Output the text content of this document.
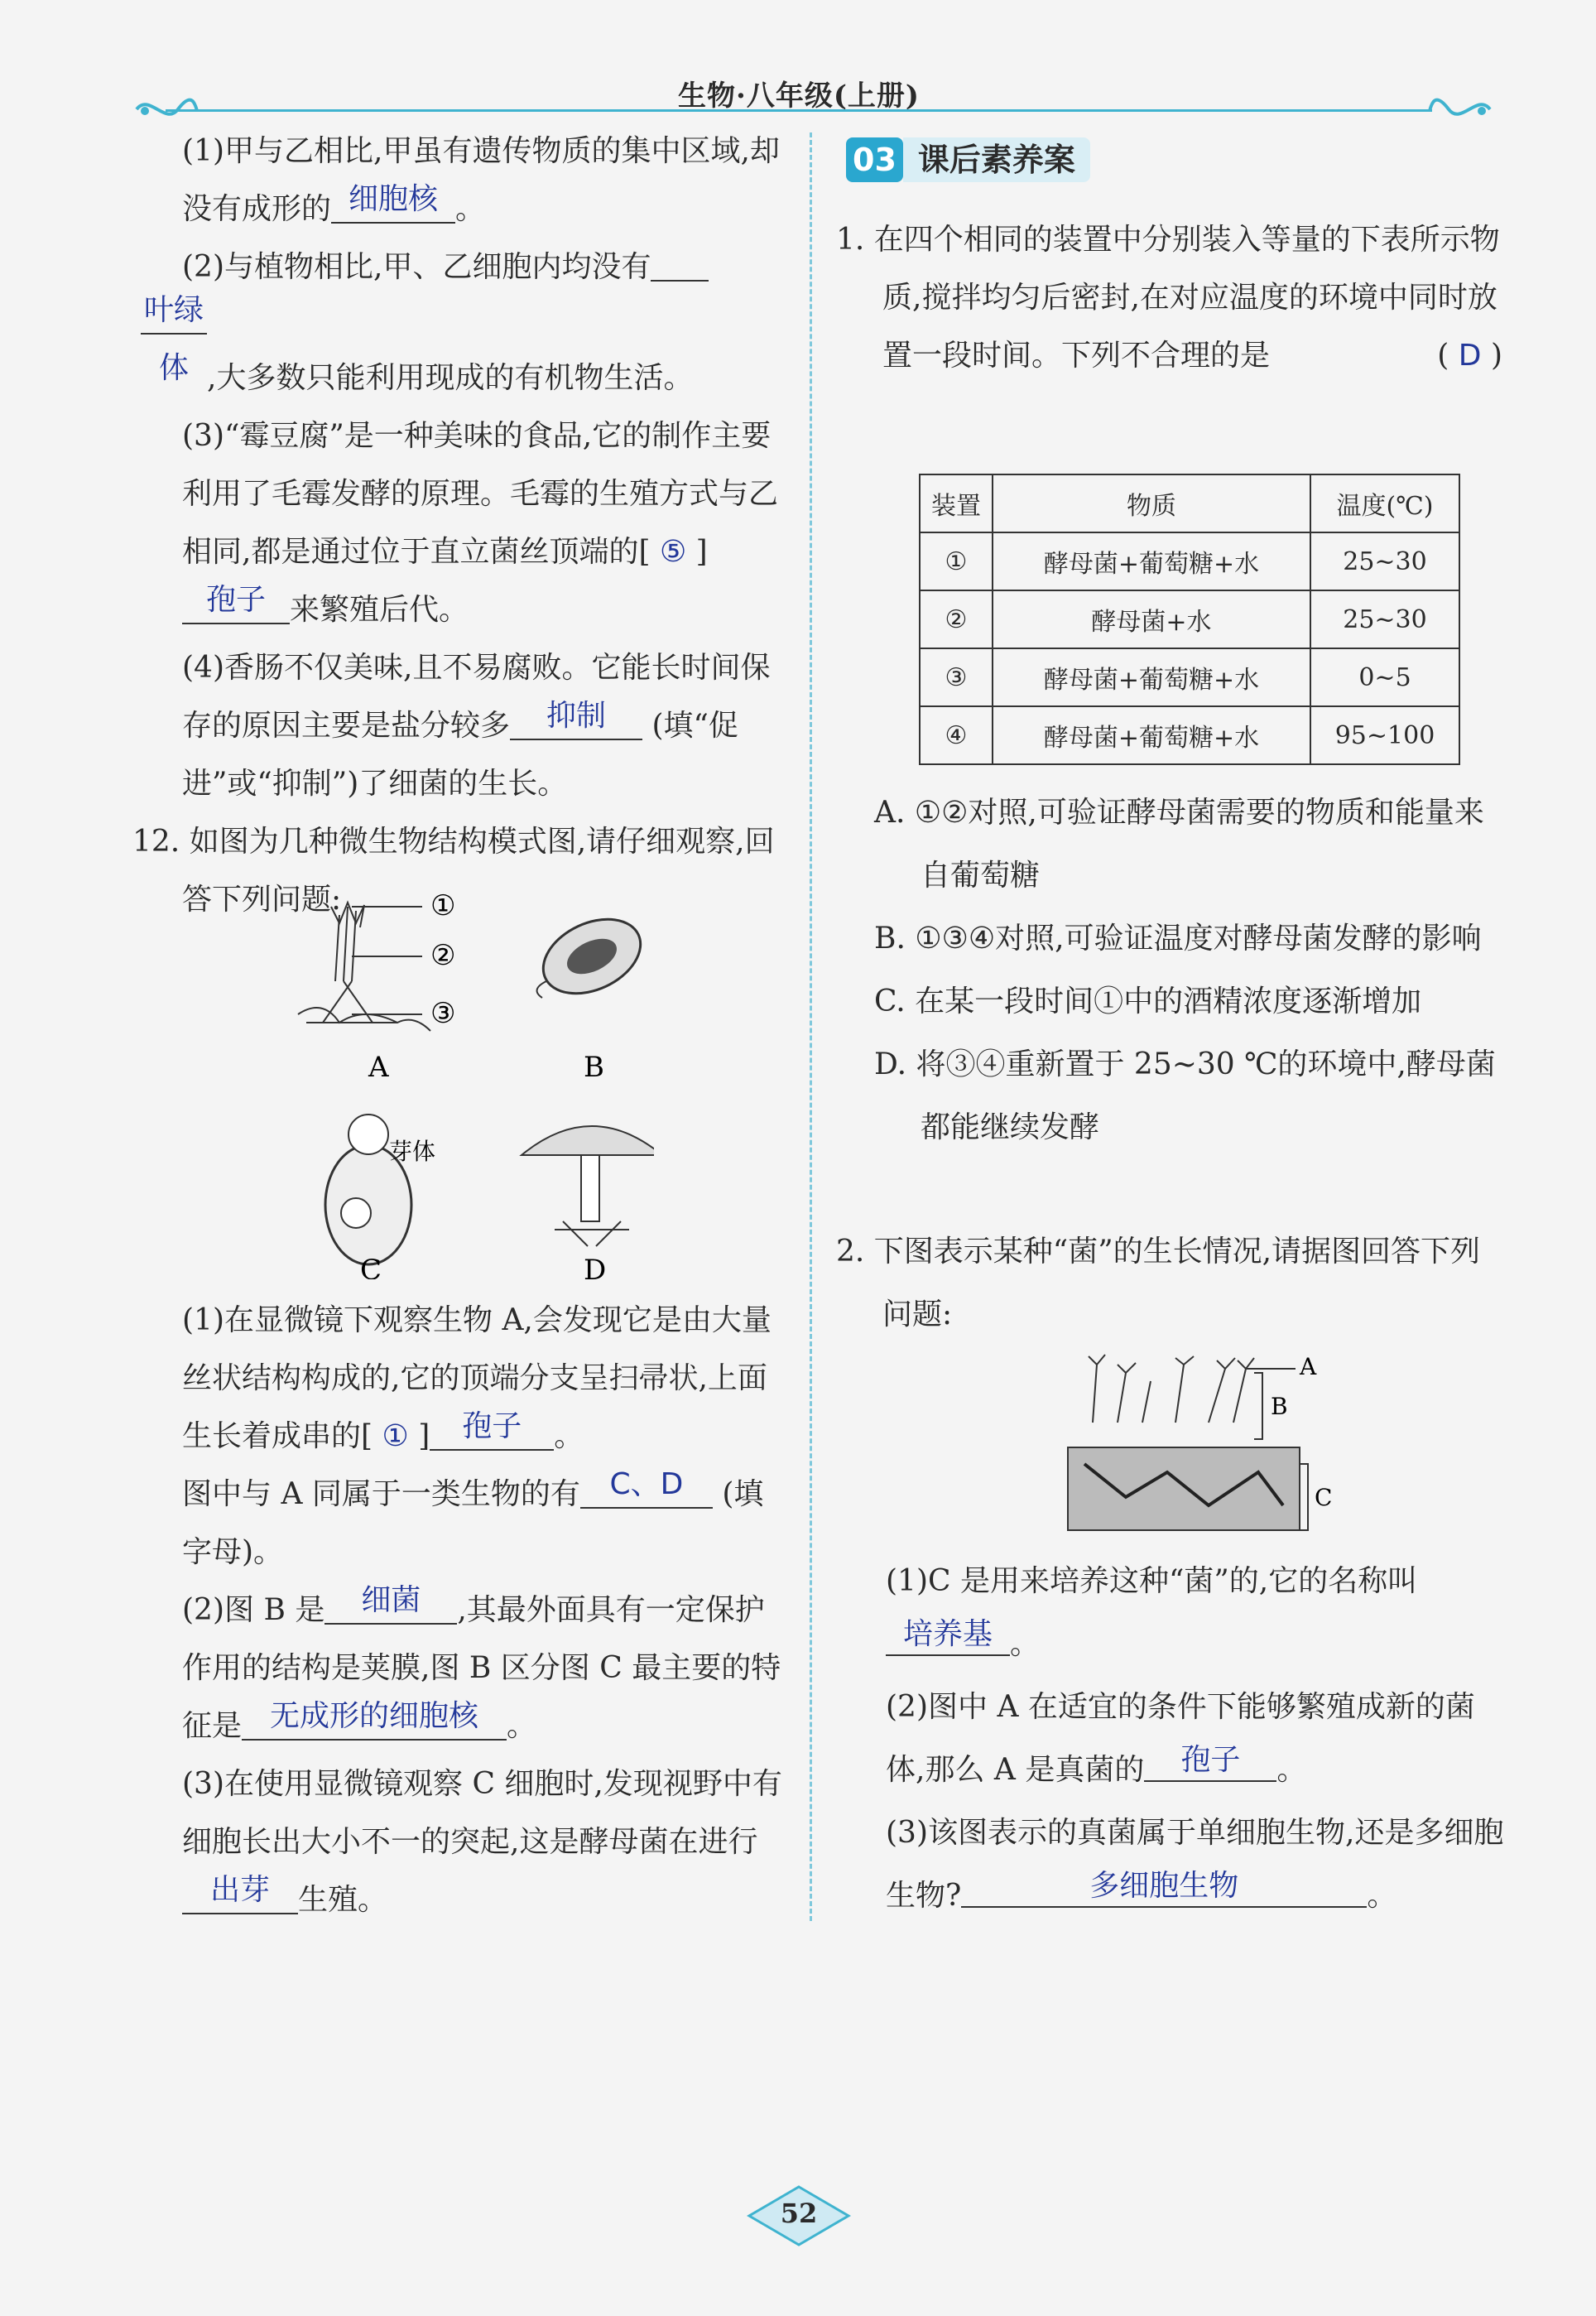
生物·八年级(上册)

(1)甲与乙相比,甲虽有遗传物质的集中区域,却没有成形的 细胞核 。

(2)与植物相比,甲、乙细胞内均没有

叶绿体 ,大多数只能利用现成的有机物生活。

(3)“霉豆腐”是一种美味的食品,它的制作主要利用了毛霉发酵的原理。毛霉的生殖方式与乙相同,都是通过位于直立菌丝顶端的[ ⑤ ]孢子 来繁殖后代。

(4)香肠不仅美味,且不易腐败。它能长时间保存的原因主要是盐分较多 抑制 (填“促进”或“抑制”)了细菌的生长。

12. 如图为几种微生物结构模式图,请仔细观察,回答下列问题:	①
②
③
A	B
芽体
C	D

(1)在显微镜下观察生物 A,会发现它是由大量丝状结构构成的,它的顶端分支呈扫帚状,上面生长着成串的[ ① ] 孢子 。

图中与 A 同属于一类生物的有 C、D (填字母)。

(2)图 B 是 细菌 ,其最外面具有一定保护作用的结构是荚膜,图 B 区分图 C 最主要的特征是 无成形的细胞核 。

(3)在使用显微镜观察 C 细胞时,发现视野中有细胞长出大小不一的突起,这是酵母菌在进行出芽 生殖。

03 课后素养案

1. 在四个相同的装置中分别装入等量的下表所示物质,搅拌均匀后密封,在对应温度的环境中同时放置一段时间。下列不合理的是	( D )

装置	物质	温度(℃)
①	酵母菌+葡萄糖+水	25~30
②	酵母菌+水	25~30
③	酵母菌+葡萄糖+水	0~5
④	酵母菌+葡萄糖+水	95~100

A. ①②对照,可验证酵母菌需要的物质和能量来自葡萄糖

B. ①③④对照,可验证温度对酵母菌发酵的影响

C. 在某一段时间①中的酒精浓度逐渐增加

D. 将③④重新置于 25~30 ℃的环境中,酵母菌都能继续发酵

2. 下图表示某种“菌”的生长情况,请据图回答下列问题:

A
B
C

(1)C 是用来培养这种“菌”的,它的名称叫

培养基 。

(2)图中 A 在适宜的条件下能够繁殖成新的菌体,那么 A 是真菌的 孢子 。

(3)该图表示的真菌属于单细胞生物,还是多细胞生物?	多细胞生物	。

52
